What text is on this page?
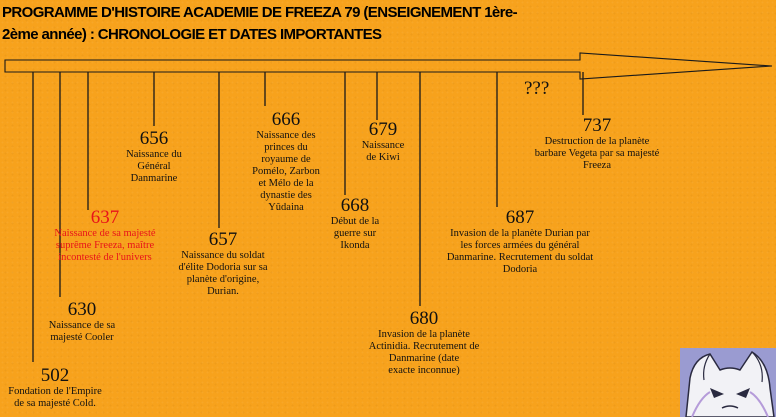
PROGRAMME D'HISTOIRE ACADEMIE DE FREEZA 79 (ENSEIGNEMENT 1ère-
2ème année) : CHRONOLOGIE ET DATES IMPORTANTES
???
502
Fondation de l'Empire
de sa majesté Cold.
630
Naissance de sa
majesté Cooler
637
Naissance de sa majesté
suprême Freeza, maître
incontesté de l'univers
656
Naissance du
Général
Danmarine
657
Naissance du soldat
d'élite Dodoria sur sa
planète d'origine,
Durian.
666
Naissance des
princes du
royaume de
Pomélo, Zarbon
et Mélo de la
dynastie des
Yûdaina	668
Début de la
guerre sur
Ikonda
679
Naissance
de Kiwi
680
Invasion de la planète
Actinidia. Recrutement de
Danmarine (date
exacte inconnue)
687
Invasion de la planète Durian par
les forces armées du général
Danmarine. Recrutement du soldat
Dodoria
737
Destruction de la planète
barbare Vegeta par sa majesté
Freeza
